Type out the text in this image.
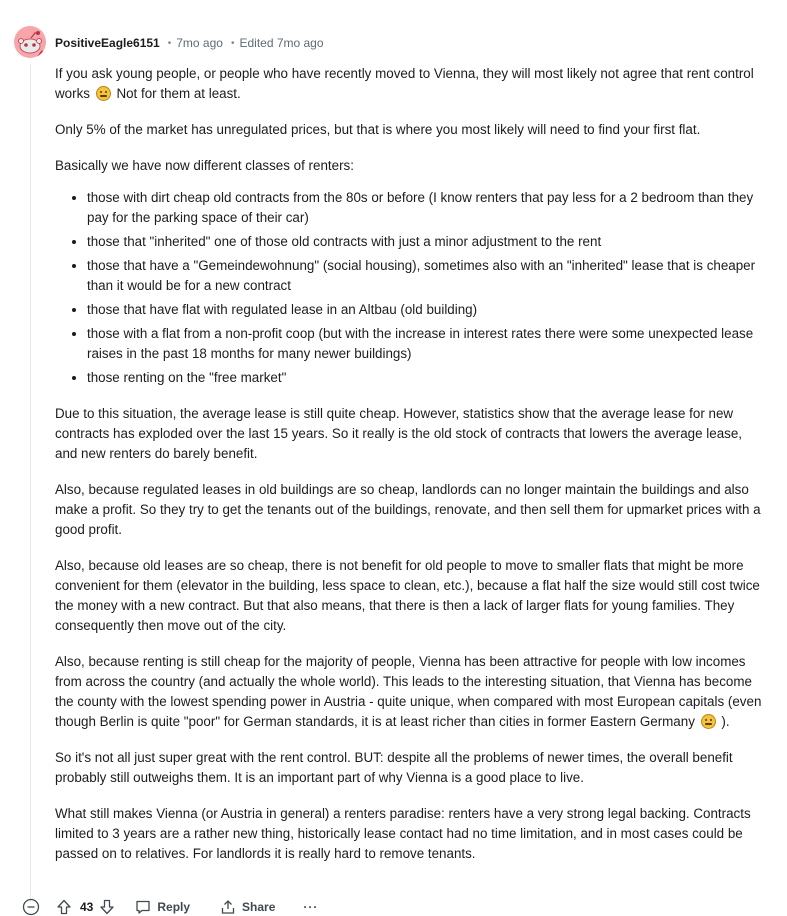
PositiveEagle6151 • 7mo ago • Edited 7mo ago

If you ask young people, or people who have recently moved to Vienna, they will most likely not agree that rent control works Not for them at least.

Only 5% of the market has unregulated prices, but that is where you most likely will need to find your first flat.

Basically we have now different classes of renters:

• those with dirt cheap old contracts from the 80s or before (I know renters that pay less for a 2 bedroom than they pay for the parking space of their car)
• those that "inherited" one of those old contracts with just a minor adjustment to the rent
• those that have a "Gemeindewohnung" (social housing), sometimes also with an "inherited" lease that is cheaper than it would be for a new contract
• those that have flat with regulated lease in an Altbau (old building)
• those with a flat from a non-profit coop (but with the increase in interest rates there were some unexpected lease raises in the past 18 months for many newer buildings)
• those renting on the "free market"

Due to this situation, the average lease is still quite cheap. However, statistics show that the average lease for new contracts has exploded over the last 15 years. So it really is the old stock of contracts that lowers the average lease, and new renters do barely benefit.

Also, because regulated leases in old buildings are so cheap, landlords can no longer maintain the buildings and also make a profit. So they try to get the tenants out of the buildings, renovate, and then sell them for upmarket prices with a good profit.

Also, because old leases are so cheap, there is not benefit for old people to move to smaller flats that might be more convenient for them (elevator in the building, less space to clean, etc.), because a flat half the size would still cost twice the money with a new contract. But that also means, that there is then a lack of larger flats for young families. They consequently then move out of the city.

Also, because renting is still cheap for the majority of people, Vienna has been attractive for people with low incomes from across the country (and actually the whole world). This leads to the interesting situation, that Vienna has become the county with the lowest spending power in Austria - quite unique, when compared with most European capitals (even though Berlin is quite "poor" for German standards, it is at least richer than cities in former Eastern Germany ).

So it's not all just super great with the rent control. BUT: despite all the problems of newer times, the overall benefit probably still outweighs them. It is an important part of why Vienna is a good place to live.

What still makes Vienna (or Austria in general) a renters paradise: renters have a very strong legal backing. Contracts limited to 3 years are a rather new thing, historically lease contact had no time limitation, and in most cases could be passed on to relatives. For landlords it is really hard to remove tenants.

43	Reply	Share ···
